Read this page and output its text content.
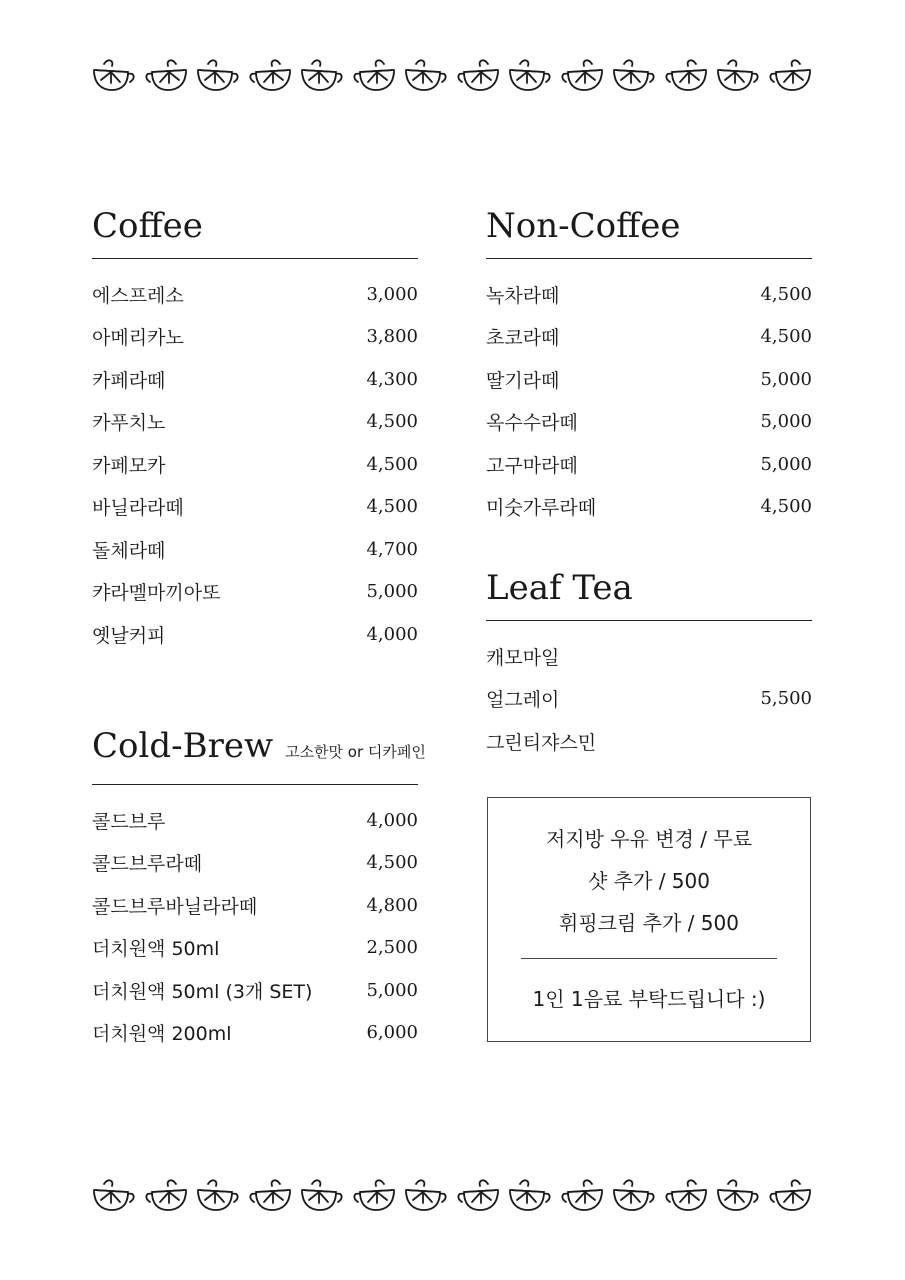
Coffee
에스프레소	3,000
아메리카노	3,800
카페라떼	4,300
카푸치노	4,500
카페모카	4,500
바닐라라떼	4,500
돌체라떼	4,700
캬라멜마끼아또	5,000
옛날커피	4,000
Cold-Brew 고소한맛 or 디카페인
콜드브루	4,000
콜드브루라떼	4,500
콜드브루바닐라라떼	4,800
더치원액 50ml	2,500
더치원액 50ml (3개 SET)	5,000
더치원액 200ml	6,000
Non-Coffee
녹차라떼	4,500
초코라떼	4,500
딸기라떼	5,000
옥수수라떼	5,000
고구마라떼	5,000
미숫가루라떼	4,500
Leaf Tea
캐모마일
얼그레이	5,500
그린티쟈스민
저지방 우유 변경 / 무료
샷 추가 / 500
휘핑크림 추가 / 500
1인 1음료 부탁드립니다 :)
